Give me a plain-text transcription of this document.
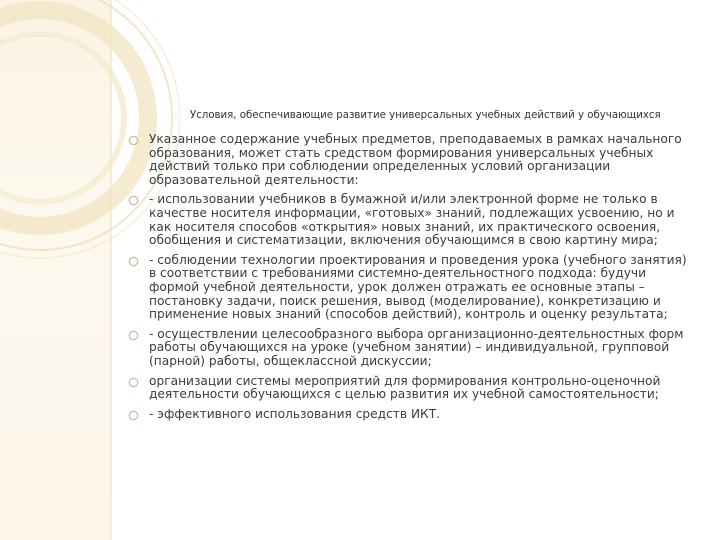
◦ Условия, обеспечивающие развитие универсальных учебных действий у обучающихся
Указанное содержание учебных предметов, преподаваемых в рамках начального образования, может стать средством формирования универсальных учебных действий только при соблюдении определенных условий организации образовательной деятельности:
- использовании учебников в бумажной и/или электронной форме не только в качестве носителя информации, «готовых» знаний, подлежащих усвоению, но и как носителя способов «открытия» новых знаний, их практического освоения, обобщения и систематизации, включения обучающимся в свою картину мира;
- соблюдении технологии проектирования и проведения урока (учебного занятия) в соответствии с требованиями системно-деятельностного подхода: будучи формой учебной деятельности, урок должен отражать ее основные этапы – постановку задачи, поиск решения, вывод (моделирование), конкретизацию и применение новых знаний (способов действий), контроль и оценку результата;
- осуществлении целесообразного выбора организационно-деятельностных форм работы обучающихся на уроке (учебном занятии) – индивидуальной, групповой (парной) работы, общеклассной дискуссии;
организации системы мероприятий для формирования контрольно-оценочной деятельности обучающихся с целью развития их учебной самостоятельности;
- эффективного использования средств ИКТ.
